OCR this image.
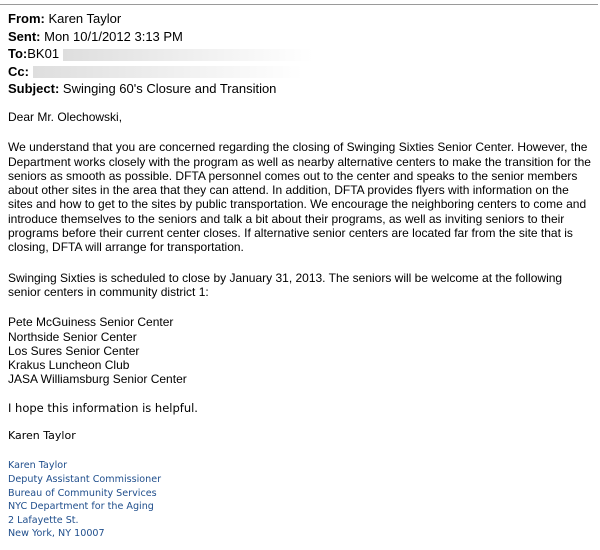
From: Karen Taylor
Sent: Mon 10/1/2012 3:13 PM
To:BK01
Cc:
Subject: Swinging 60's Closure and Transition

Dear Mr. Olechowski,

We understand that you are concerned regarding the closing of Swinging Sixties Senior Center. However, the Department works closely with the program as well as nearby alternative centers to make the transition for the seniors as smooth as possible. DFTA personnel comes out to the center and speaks to the senior members about other sites in the area that they can attend. In addition, DFTA provides flyers with information on the sites and how to get to the sites by public transportation. We encourage the neighboring centers to come and introduce themselves to the seniors and talk a bit about their programs, as well as inviting seniors to their programs before their current center closes. If alternative senior centers are located far from the site that is closing, DFTA will arrange for transportation.

Swinging Sixties is scheduled to close by January 31, 2013. The seniors will be welcome at the following senior centers in community district 1:

Pete McGuiness Senior Center
Northside Senior Center
Los Sures Senior Center
Krakus Luncheon Club
JASA Williamsburg Senior Center

I hope this information is helpful.

Karen Taylor

Karen Taylor
Deputy Assistant Commissioner
Bureau of Community Services
NYC Department for the Aging
2 Lafayette St.
New York, NY 10007
